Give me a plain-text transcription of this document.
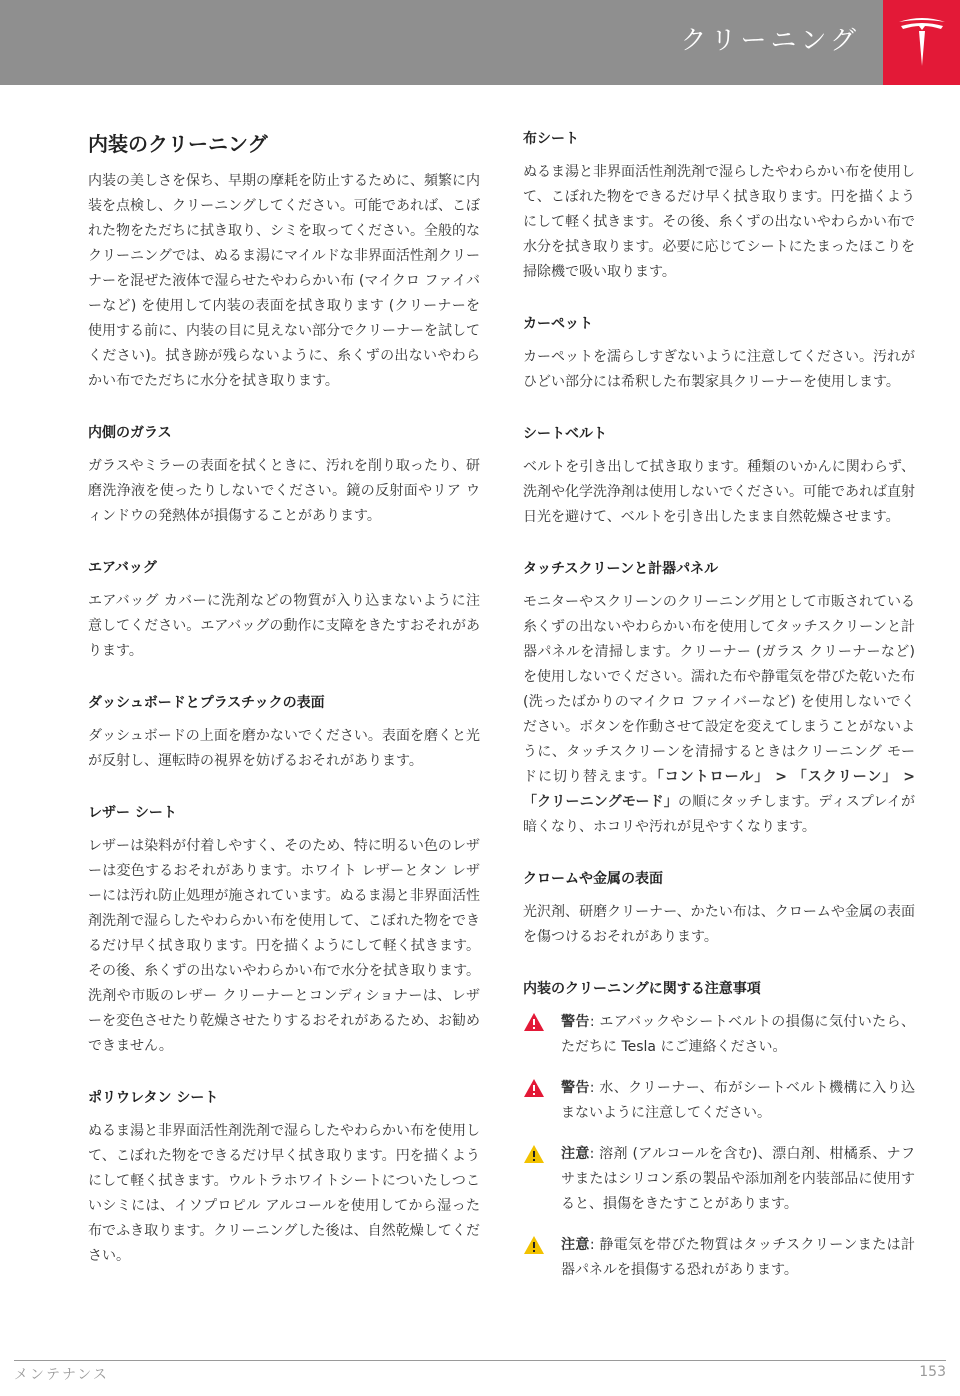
クリーニング
内装のクリーニング

内装の美しさを保ち、早期の摩耗を防止するために、頻繁に内装を点検し、クリーニングしてください。可能であれば、こぼれた物をただちに拭き取り、シミを取ってください。全般的なクリーニングでは、ぬるま湯にマイルドな非界面活性剤クリーナーを混ぜた液体で湿らせたやわらかい布 (マイクロ ファイバーなど) を使用して内装の表面を拭き取ります (クリーナーを使用する前に、内装の目に見えない部分でクリーナーを試してください)。拭き跡が残らないように、糸くずの出ないやわらかい布でただちに水分を拭き取ります。

内側のガラス

ガラスやミラーの表面を拭くときに、汚れを削り取ったり、研磨洗浄液を使ったりしないでください。鏡の反射面やリア ウィンドウの発熱体が損傷することがあります。

エアバッグ

エアバッグ カバーに洗剤などの物質が入り込まないように注意してください。エアバッグの動作に支障をきたすおそれがあります。

ダッシュボードとプラスチックの表面

ダッシュボードの上面を磨かないでください。表面を磨くと光が反射し、運転時の視界を妨げるおそれがあります。

レザー シート

レザーは染料が付着しやすく、そのため、特に明るい色のレザーは変色するおそれがあります。ホワイト レザーとタン レザーには汚れ防止処理が施されています。ぬるま湯と非界面活性剤洗剤で湿らしたやわらかい布を使用して、こぼれた物をできるだけ早く拭き取ります。円を描くようにして軽く拭きます。その後、糸くずの出ないやわらかい布で水分を拭き取ります。洗剤や市販のレザー クリーナーとコンディショナーは、レザーを変色させたり乾燥させたりするおそれがあるため、お勧めできません。

ポリウレタン シート

ぬるま湯と非界面活性剤洗剤で湿らしたやわらかい布を使用して、こぼれた物をできるだけ早く拭き取ります。円を描くようにして軽く拭きます。ウルトラホワイトシートについたしつこいシミには、イソプロピル アルコールを使用してから湿った布でふき取ります。クリーニングした後は、自然乾燥してください。

布シート

ぬるま湯と非界面活性剤洗剤で湿らしたやわらかい布を使用して、こぼれた物をできるだけ早く拭き取ります。円を描くようにして軽く拭きます。その後、糸くずの出ないやわらかい布で水分を拭き取ります。必要に応じてシートにたまったほこりを掃除機で吸い取ります。

カーペット

カーペットを濡らしすぎないように注意してください。汚れがひどい部分には希釈した布製家具クリーナーを使用します。

シートベルト

ベルトを引き出して拭き取ります。種類のいかんに関わらず、洗剤や化学洗浄剤は使用しないでください。可能であれば直射日光を避けて、ベルトを引き出したまま自然乾燥させます。

タッチスクリーンと計器パネル

モニターやスクリーンのクリーニング用として市販されている糸くずの出ないやわらかい布を使用してタッチスクリーンと計器パネルを清掃します。クリーナー (ガラス クリーナーなど) を使用しないでください。濡れた布や静電気を帯びた乾いた布 (洗ったばかりのマイクロ ファイバーなど) を使用しないでください。ボタンを作動させて設定を変えてしまうことがないように、タッチスクリーンを清掃するときはクリーニング モードに切り替えます。「コントロール」 > 「スクリーン」 > 「クリーニングモード」の順にタッチします。ディスプレイが暗くなり、ホコリや汚れが見やすくなります。

クロームや金属の表面

光沢剤、研磨クリーナー、かたい布は、クロームや金属の表面を傷つけるおそれがあります。

内装のクリーニングに関する注意事項

警告: エアバックやシートベルトの損傷に気付いたら、ただちに Tesla にご連絡ください。

警告: 水、クリーナー、布がシートベルト機構に入り込まないように注意してください。

注意: 溶剤 (アルコールを含む)、漂白剤、柑橘系、ナフサまたはシリコン系の製品や添加剤を内装部品に使用すると、損傷をきたすことがあります。

注意: 静電気を帯びた物質はタッチスクリーンまたは計器パネルを損傷する恐れがあります。

メンテナンス	153
